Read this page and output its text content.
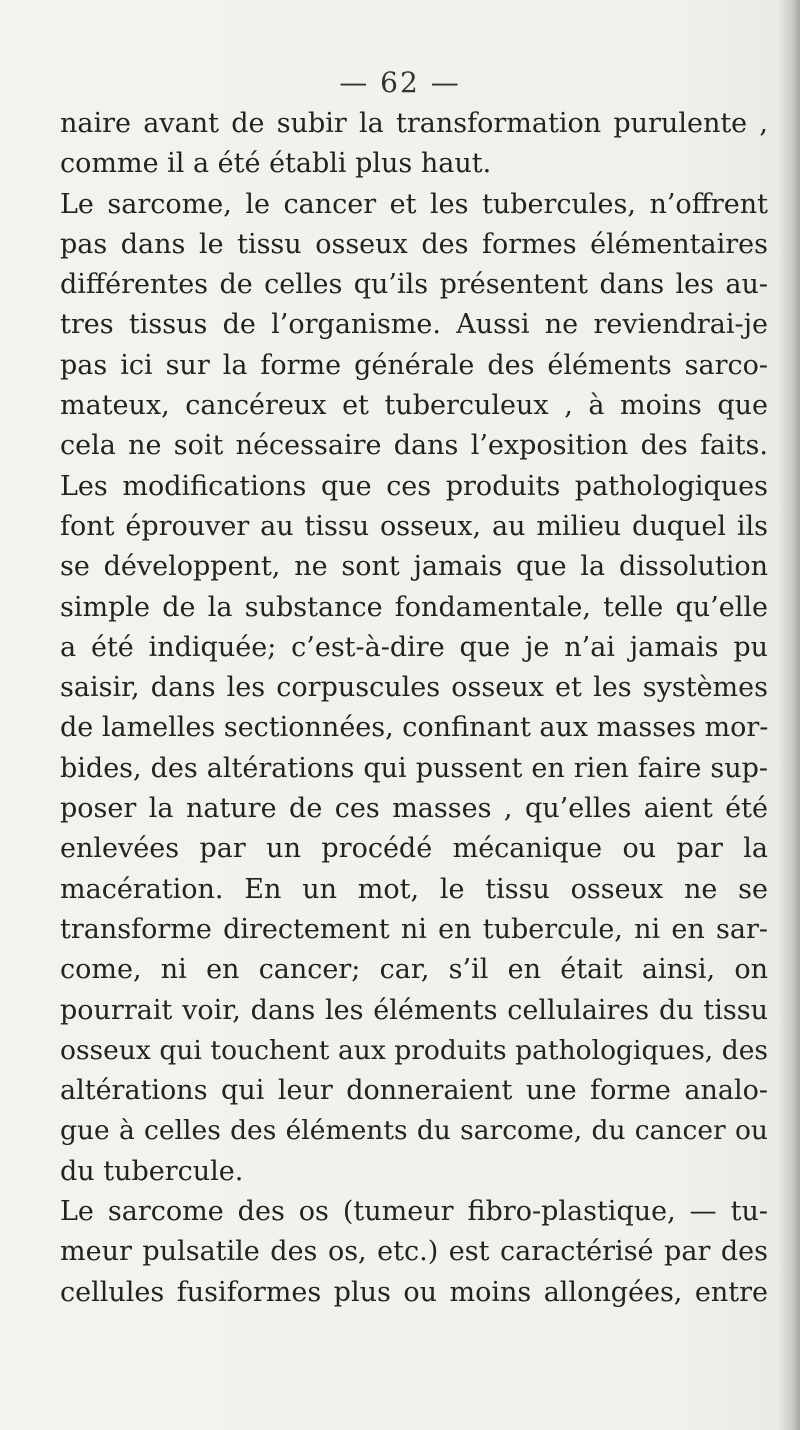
— 62 —
naire avant de subir la transformation purulente ,
comme il a été établi plus haut.
Le sarcome, le cancer et les tubercules, n’offrent
pas dans le tissu osseux des formes élémentaires
différentes de celles qu’ils présentent dans les au-
tres tissus de l’organisme. Aussi ne reviendrai-je
pas ici sur la forme générale des éléments sarco-
mateux, cancéreux et tuberculeux , à moins que
cela ne soit nécessaire dans l’exposition des faits.
Les modifications que ces produits pathologiques
font éprouver au tissu osseux, au milieu duquel ils
se développent, ne sont jamais que la dissolution
simple de la substance fondamentale, telle qu’elle
a été indiquée; c’est-à-dire que je n’ai jamais pu
saisir, dans les corpuscules osseux et les systèmes
de lamelles sectionnées, confinant aux masses mor-
bides, des altérations qui pussent en rien faire sup-
poser la nature de ces masses , qu’elles aient été
enlevées par un procédé mécanique ou par la
macération. En un mot, le tissu osseux ne se
transforme directement ni en tubercule, ni en sar-
come, ni en cancer; car, s’il en était ainsi, on
pourrait voir, dans les éléments cellulaires du tissu
osseux qui touchent aux produits pathologiques, des
altérations qui leur donneraient une forme analo-
gue à celles des éléments du sarcome, du cancer ou
du tubercule.
Le sarcome des os (tumeur fibro-plastique, — tu-
meur pulsatile des os, etc.) est caractérisé par des
cellules fusiformes plus ou moins allongées, entre
